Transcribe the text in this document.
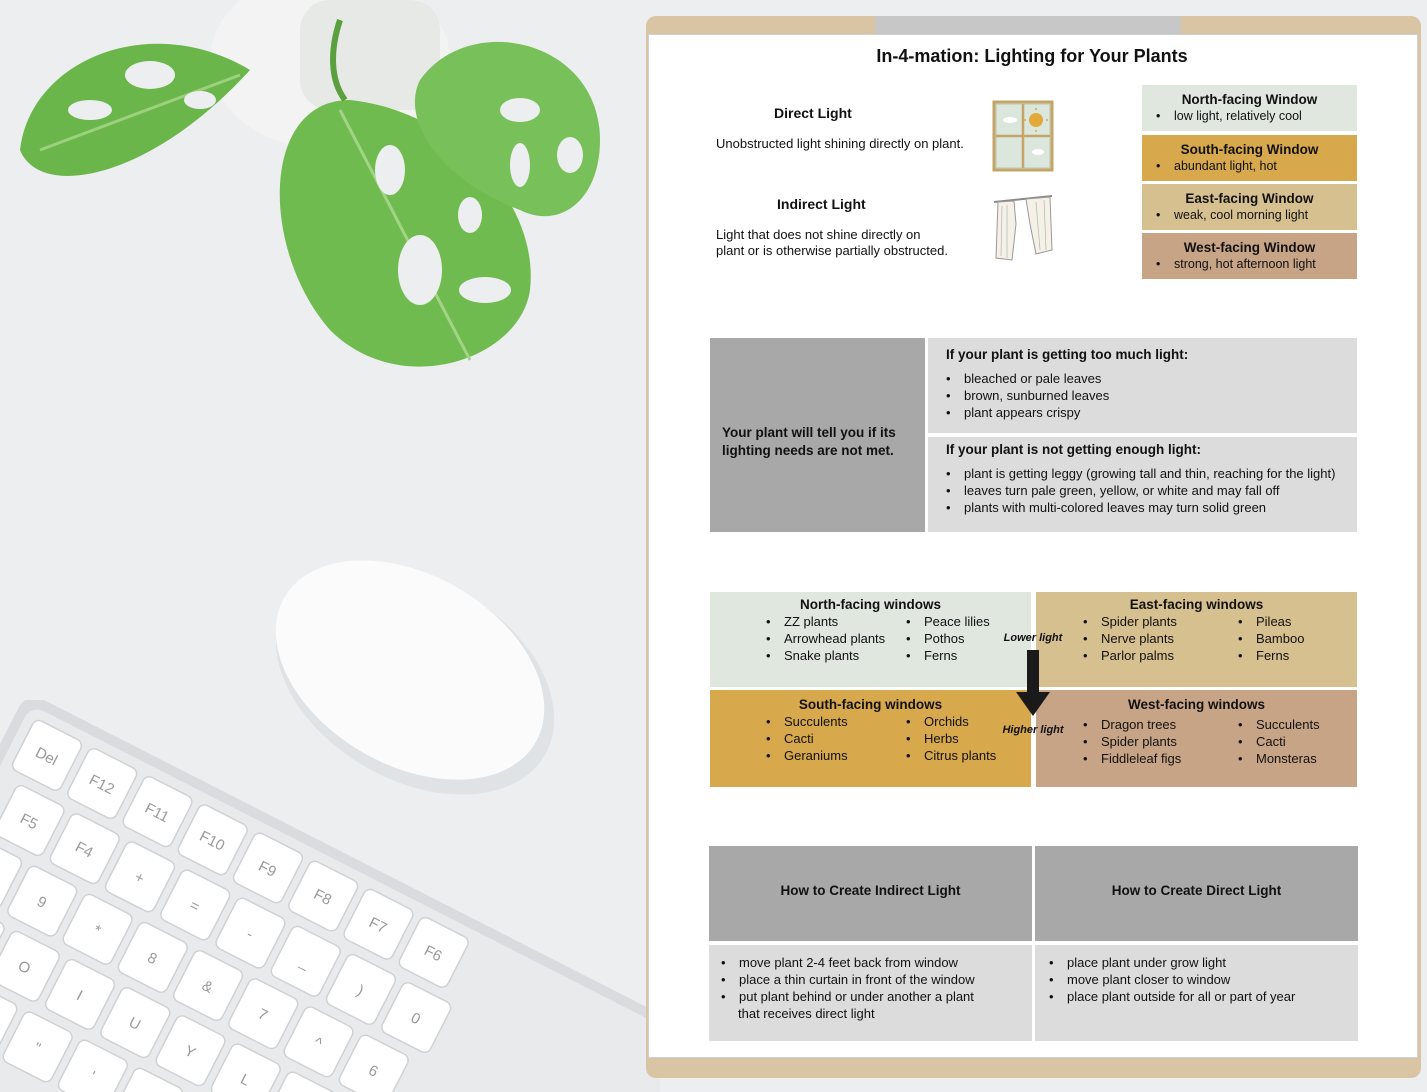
Del
F12
F11
F10
F9
F8
F7
F6
F5
F4
+
=
-
_
)
0
9
*
8
&
7
^
6
O
I
U
Y
L
"
'
In-4-mation: Lighting for Your Plants
Direct Light
Unobstructed light shining directly on plant.
Indirect Light
Light that does not shine directly on
plant or is otherwise partially obstructed.
North-facing Window
• low light, relatively cool
South-facing Window
• abundant light, hot
East-facing Window
• weak, cool morning light
West-facing Window
• strong, hot afternoon light
Your plant will tell you if its
lighting needs are not met.
If your plant is getting too much light:
• bleached or pale leaves
• brown, sunburned leaves
• plant appears crispy
If your plant is not getting enough light:
• plant is getting leggy (growing tall and thin, reaching for the light)
• leaves turn pale green, yellow, or white and may fall off
• plants with multi-colored leaves may turn solid green
North-facing windows
• ZZ plants
• Arrowhead plants
• Snake plants
• Peace lilies
• Pothos
• Ferns
East-facing windows
• Spider plants
• Nerve plants
• Parlor palms
• Pileas
• Bamboo
• Ferns
South-facing windows
• Succulents
• Cacti
• Geraniums
• Orchids
• Herbs
• Citrus plants
West-facing windows
• Dragon trees
• Spider plants
• Fiddleleaf figs
• Succulents
• Cacti
• Monsteras
Lower light
Higher light
How to Create Indirect Light	How to Create Direct Light
• move plant 2-4 feet back from window
• place a thin curtain in front of the window
• put plant behind or under another a plant
that receives direct light
• place plant under grow light
• move plant closer to window
• place plant outside for all or part of year
